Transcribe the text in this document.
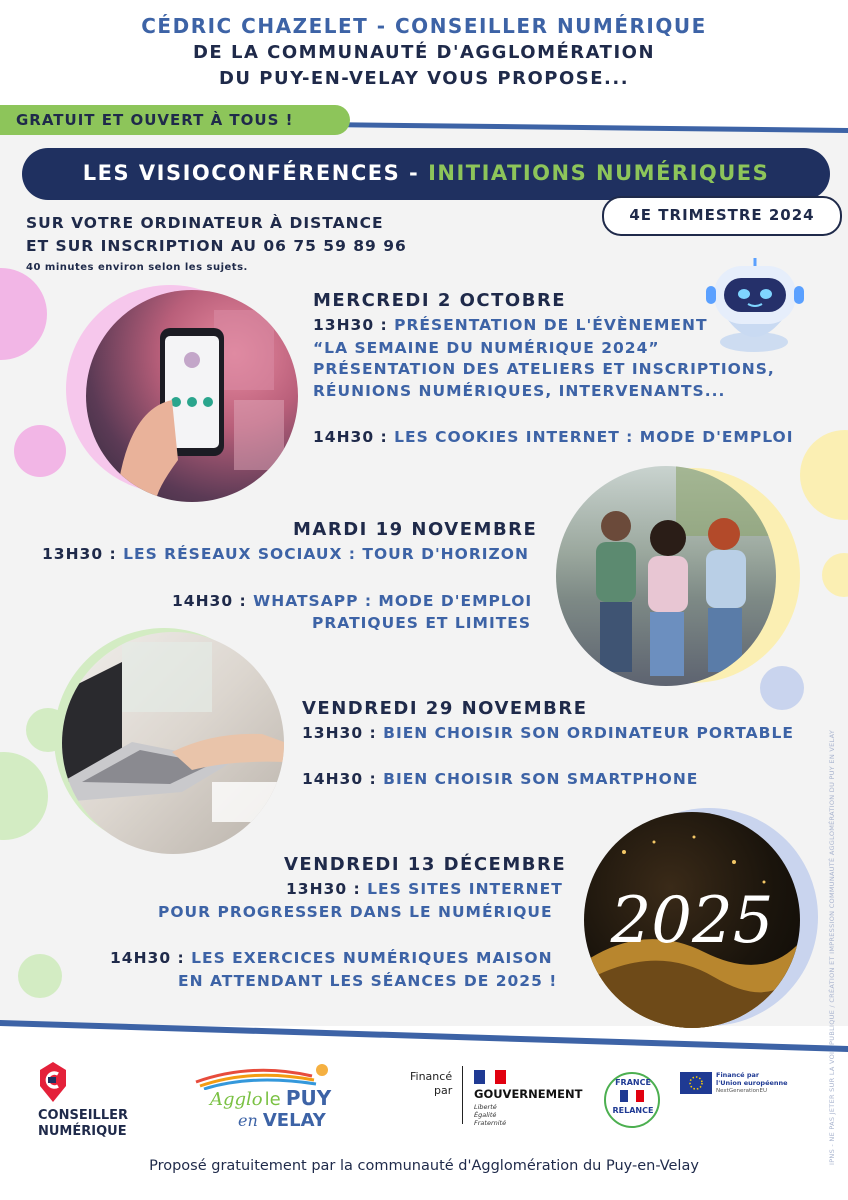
CÉDRIC CHAZELET - CONSEILLER NUMÉRIQUE
DE LA COMMUNAUTÉ D'AGGLOMÉRATION
DU PUY-EN-VELAY VOUS PROPOSE...
GRATUIT ET OUVERT À TOUS !
LES VISIOCONFÉRENCES - INITIATIONS NUMÉRIQUES
4E TRIMESTRE 2024
SUR VOTRE ORDINATEUR À DISTANCE
ET SUR INSCRIPTION AU 06 75 59 89 96
40 minutes environ selon les sujets.
MERCREDI 2 OCTOBRE
13H30 : PRÉSENTATION DE L'ÉVÈNEMENT
“LA SEMAINE DU NUMÉRIQUE 2024”
PRÉSENTATION DES ATELIERS ET INSCRIPTIONS,
RÉUNIONS NUMÉRIQUES, INTERVENANTS...
14H30 : LES COOKIES INTERNET : MODE D'EMPLOI
MARDI 19 NOVEMBRE
13H30 : LES RÉSEAUX SOCIAUX : TOUR D'HORIZON
14H30 : WHATSAPP : MODE D'EMPLOI
PRATIQUES ET LIMITES
VENDREDI 29 NOVEMBRE
13H30 : BIEN CHOISIR SON ORDINATEUR PORTABLE
14H30 : BIEN CHOISIR SON SMARTPHONE
2025
VENDREDI 13 DÉCEMBRE
13H30 : LES SITES INTERNET
POUR PROGRESSER DANS LE NUMÉRIQUE
14H30 : LES EXERCICES NUMÉRIQUES MAISON
EN ATTENDANT LES SÉANCES DE 2025 !	IPNS - NE PAS JETER SUR LA VOIE PUBLIQUE / CRÉATION ET IMPRESSION COMMUNAUTÉ AGGLOMÉRATION DU PUY EN VELAY
CONSEILLER
NUMÉRIQUE
Agglo le PUY
en VELAY
Financé
par GOUVERNEMENT
Liberté
Égalité
Fraternité
FRANCE
RELANCE
Financé par
l'Union européenne
NextGenerationEU
Proposé gratuitement par la communauté d'Agglomération du Puy-en-Velay
